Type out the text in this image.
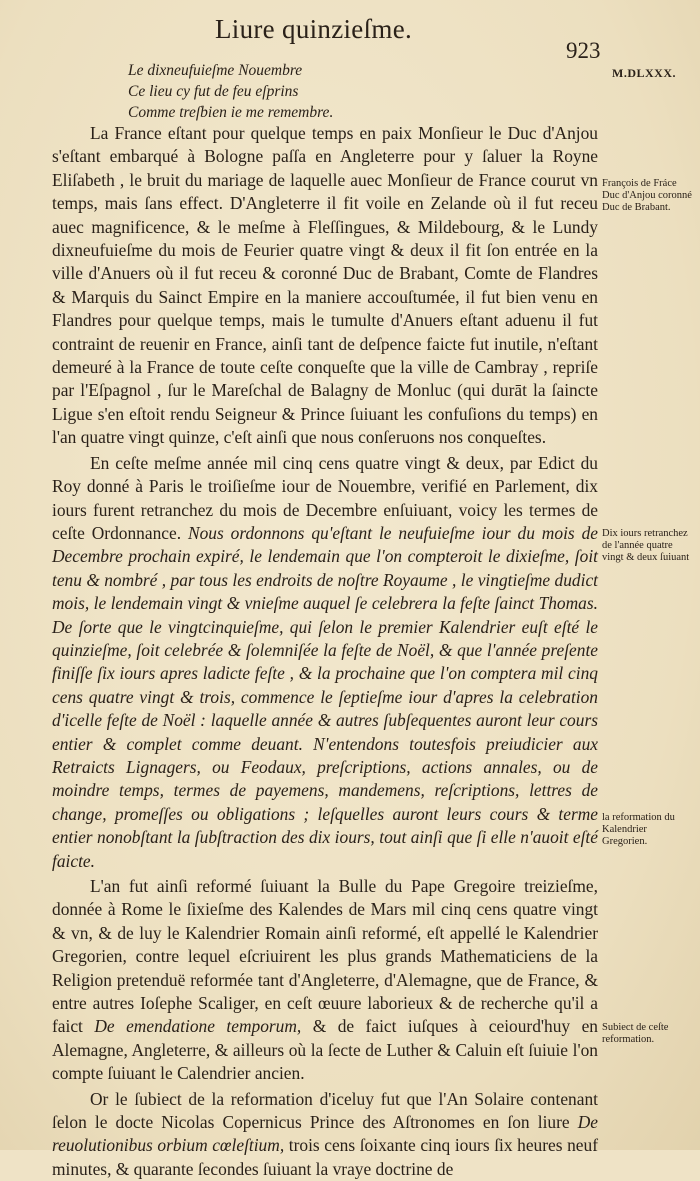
Liure quinzieſme.
923
M.DLXXX.
Le dixneufuieſme Nouembre
Ce lieu cy fut de feu eſprins
Comme treſbien ie me remembre.

La France eſtant pour quelque temps en paix Monſieur le Duc d'Anjou s'eſtant embarqué à Bologne paſſa en Angleterre pour y ſaluer la Royne Eliſabeth , le bruit du mariage de laquelle auec Monſieur de France courut vn temps, mais ſans effect. D'Angleterre il fit voile en Zelande où il fut receu auec magnificence, & le meſme à Fleſſingues, & Mildebourg, & le Lundy dixneufuieſme du mois de Feurier quatre vingt & deux il fit ſon entrée en la ville d'Anuers où il fut receu & coronné Duc de Brabant, Comte de Flandres & Marquis du Sainct Empire en la maniere accouſtumée, il fut bien venu en Flandres pour quelque temps, mais le tumulte d'Anuers eſtant aduenu il fut contraint de reuenir en France, ainſi tant de deſpence faicte fut inutile, n'eſtant demeuré à la France de toute ceſte conqueſte que la ville de Cambray , repriſe par l'Eſpagnol , ſur le Mareſchal de Balagny de Monluc (qui durāt la ſaincte Ligue s'en eſtoit rendu Seigneur & Prince ſuiuant les confuſions du temps) en l'an quatre vingt quinze, c'eſt ainſi que nous conſeruons nos conqueſtes.

En ceſte meſme année mil cinq cens quatre vingt & deux, par Edict du Roy donné à Paris le troiſieſme iour de Nouembre, verifié en Parlement, dix iours furent retranchez du mois de Decembre enſuiuant, voicy les termes de ceſte Ordonnance. Nous ordonnons qu'eſtant le neufuieſme iour du mois de Decembre prochain expiré, le lendemain que l'on compteroit le dixieſme, ſoit tenu & nombré , par tous les endroits de noſtre Royaume , le vingtieſme dudict mois, le lendemain vingt & vnieſme auquel ſe celebrera la feſte ſainct Thomas. De ſorte que le vingtcinquieſme, qui ſelon le premier Kalendrier euſt eſté le quinzieſme, ſoit celebrée & ſolemniſée la feſte de Noël, & que l'année preſente finiſſe ſix iours apres ladicte feſte , & la prochaine que l'on comptera mil cinq cens quatre vingt & trois, commence le ſeptieſme iour d'apres la celebration d'icelle feſte de Noël : laquelle année & autres ſubſequentes auront leur cours entier & complet comme deuant. N'entendons toutesfois preiudicier aux Retraicts Lignagers, ou Feodaux, preſcriptions, actions annales, ou de moindre temps, termes de payemens, mandemens, reſcriptions, lettres de change, promeſſes ou obligations ; leſquelles auront leurs cours & terme entier nonobſtant la ſubſtraction des dix iours, tout ainſi que ſi elle n'auoit eſté faicte.

L'an fut ainſi reformé ſuiuant la Bulle du Pape Gregoire treizieſme, donnée à Rome le ſixieſme des Kalendes de Mars mil cinq cens quatre vingt & vn, & de luy le Kalendrier Romain ainſi reformé, eſt appellé le Kalendrier Gregorien, contre lequel eſcriuirent les plus grands Mathematiciens de la Religion pretenduë reformée tant d'Angleterre, d'Alemagne, que de France, & entre autres Ioſephe Scaliger, en ceſt œuure laborieux & de recherche qu'il a faict De emendatione temporum, & de faict iuſques à ceiourd'huy en Alemagne, Angleterre, & ailleurs où la ſecte de Luther & Caluin eſt ſuiuie l'on compte ſuiuant le Calendrier ancien.

Or le ſubiect de la reformation d'iceluy fut que l'An Solaire contenant ſelon le docte Nicolas Copernicus Prince des Aſtronomes en ſon liure De reuolutionibus orbium cœleſtium, trois cens ſoixante cinq iours ſix heures neuf minutes, & quarante ſecondes ſuiuant la vraye doctrine de

François de Fráce Duc d'Anjou coronné Duc de Brabant.
Dix iours retranchez de l'année quatre vingt & deux ſuiuant
la reformation du Kalendrier Gregorien.
Subiect de ceſte reformation.
